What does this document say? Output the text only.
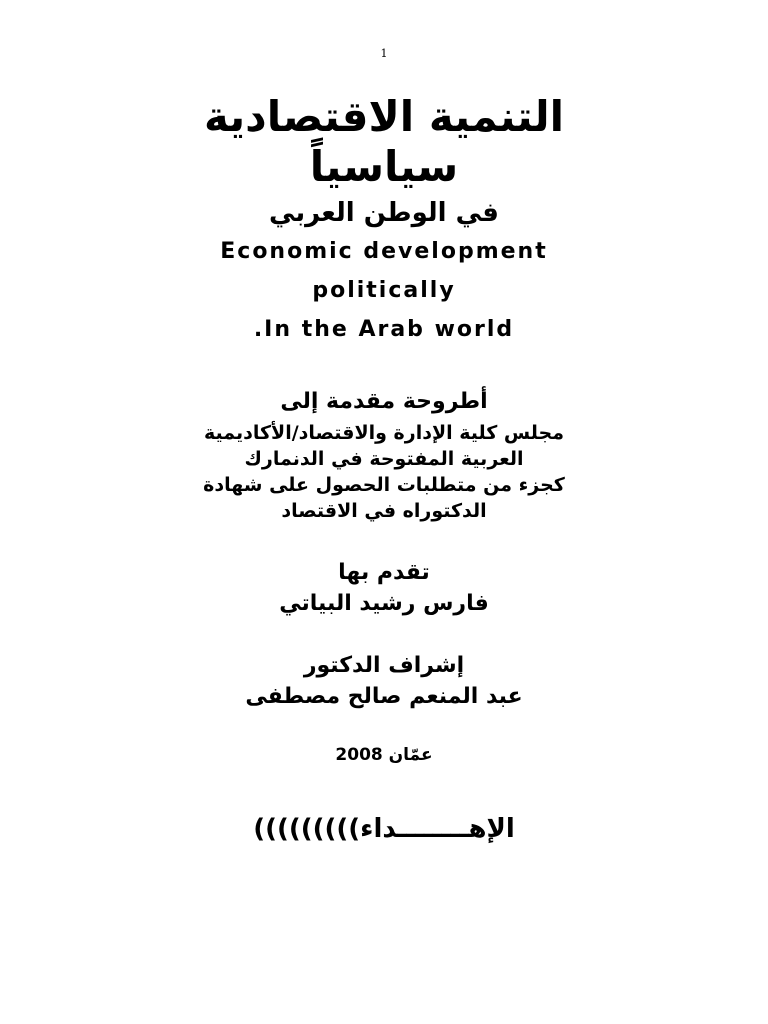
1
التنمية الاقتصادية
سياسياً
في الوطن العربي
Economic development
politically
.In the Arab world
أطروحة مقدمة إلى
مجلس كلية الإدارة والاقتصاد/الأكاديمية
العربية المفتوحة في الدنمارك
كجزء من متطلبات الحصول على شهادة
الدكتوراه في الاقتصاد
تقدم بها
فارس رشيد البياتي
إشراف الدكتور
عبد المنعم صالح مصطفى
عمّان 2008
الإهــــــــداء)))))))))
